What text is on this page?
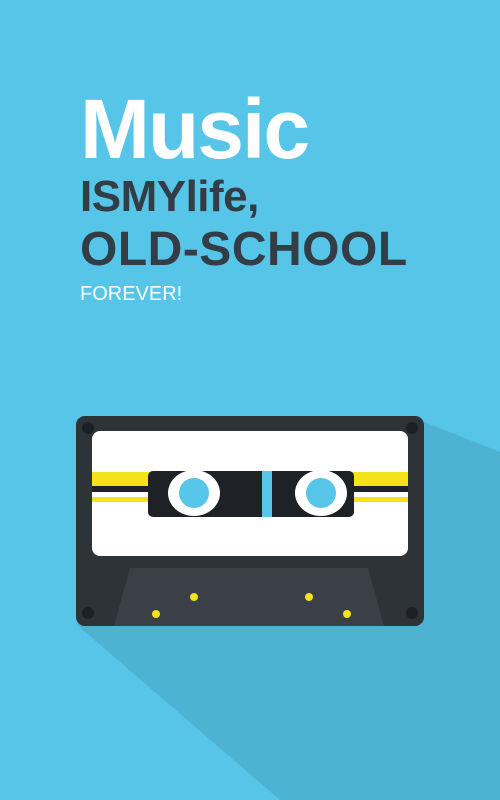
Music
ISMYlife,
OLD-SCHOOL
FOREVER!
